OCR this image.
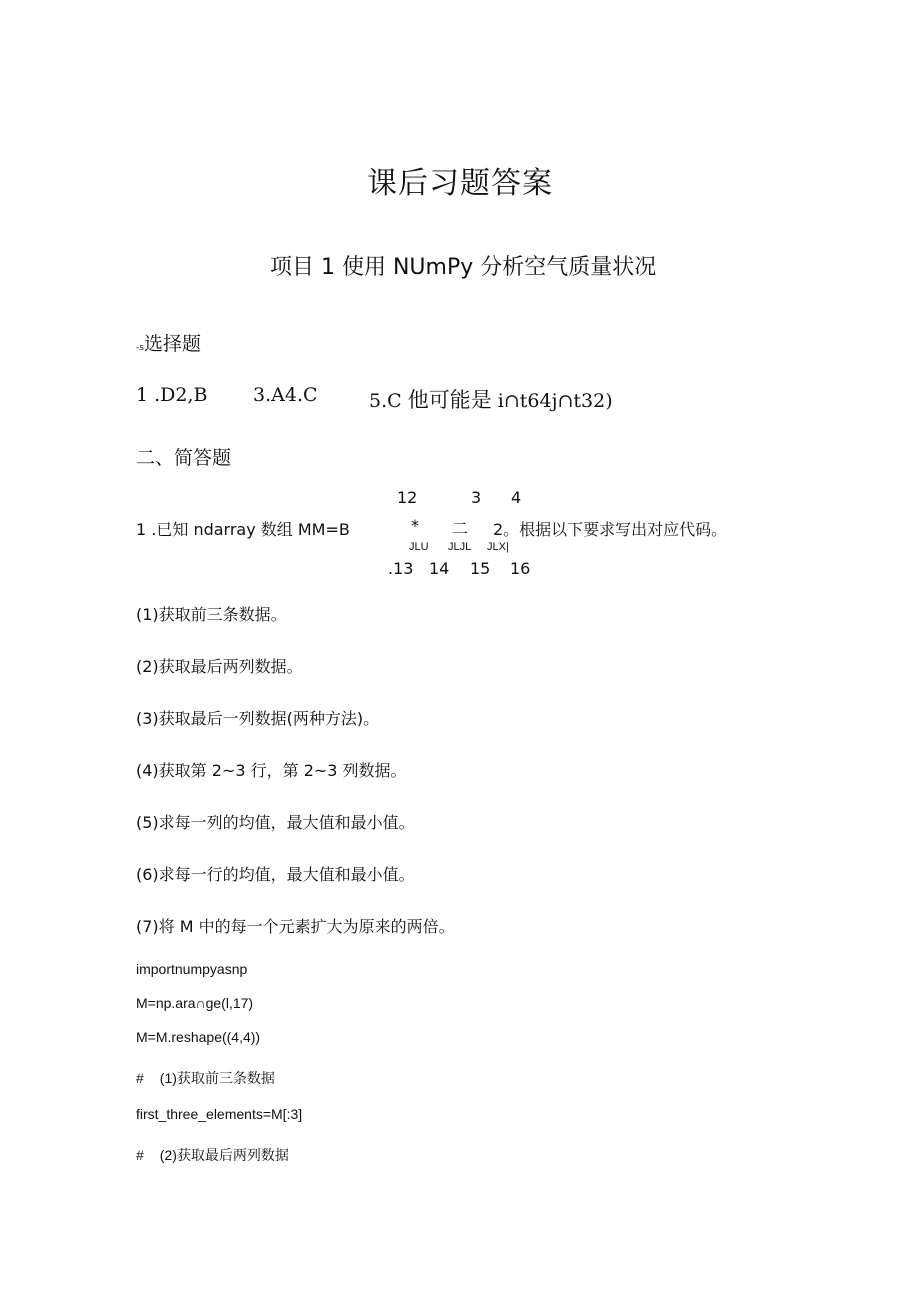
课后习题答案
项目 1 使用 NUmPy 分析空气质量状况
-s选择题
1 .D2,B 3.A4.C	5.C 他可能是 i∩t64j∩t32)
二、简答题
12	3 4
1 .已知 ndarray 数组 MM=B	* 二 2。根据以下要求写出对应代码。
JLU JLJL JLX|
.13 14 15 16
(1)获取前三条数据。
(2)获取最后两列数据。
(3)获取最后一列数据(两种方法)。
(4)获取第 2~3 行，第 2~3 列数据。
(5)求每一列的均值，最大值和最小值。
(6)求每一行的均值，最大值和最小值。
(7)将 M 中的每一个元素扩大为原来的两倍。
importnumpyasnp
M=np.ara∩ge(l,17)
M=M.reshape((4,4))
# (1)获取前三条数据
first_three_elements=M[:3]
# (2)获取最后两列数据
